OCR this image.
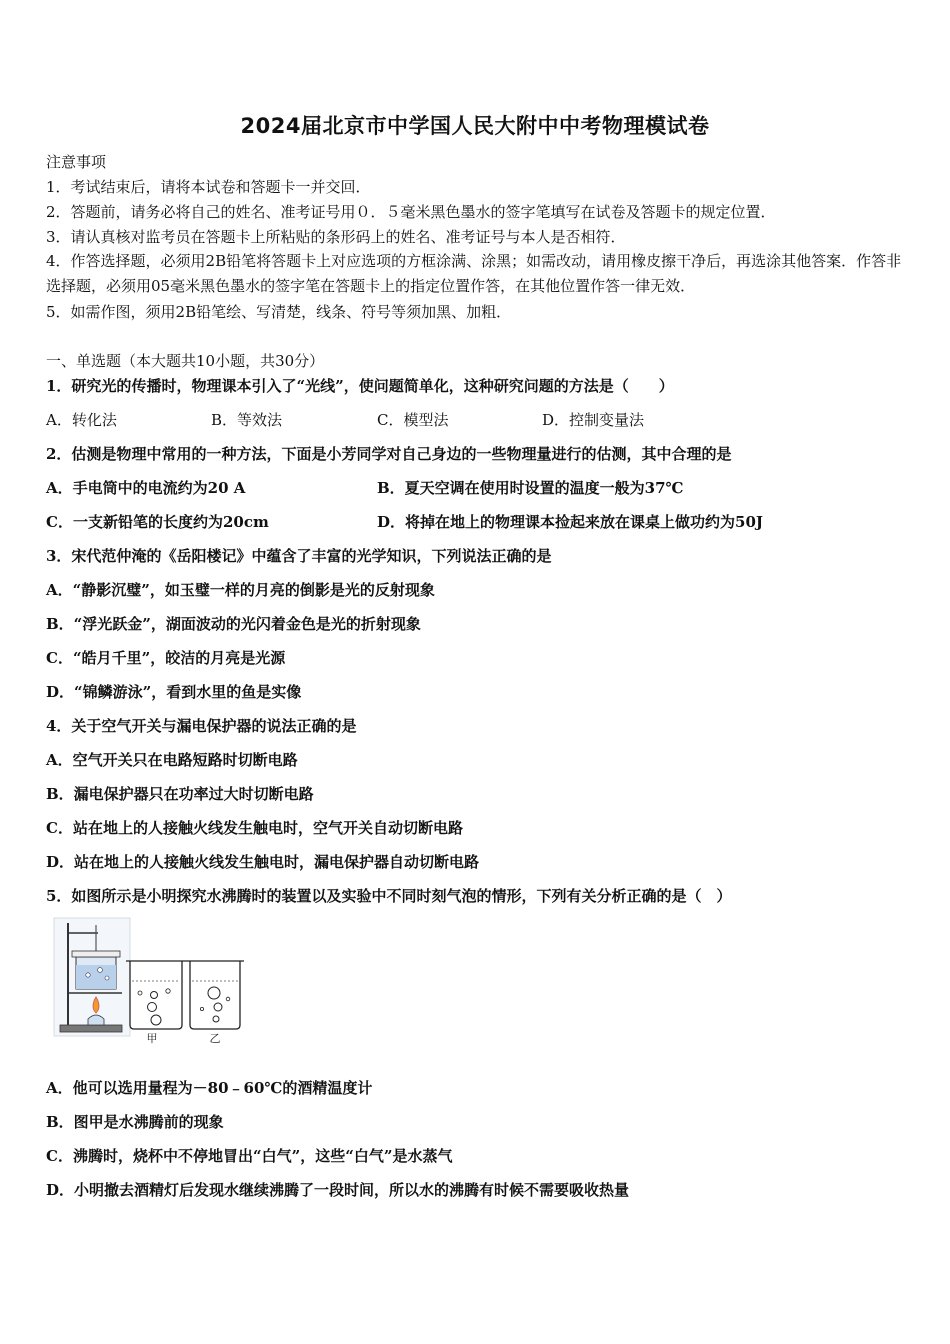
2024届北京市中学国人民大附中中考物理模试卷
注意事项
1．考试结束后，请将本试卷和答题卡一并交回．
2．答题前，请务必将自己的姓名、准考证号用０．５毫米黑色墨水的签字笔填写在试卷及答题卡的规定位置．
3．请认真核对监考员在答题卡上所粘贴的条形码上的姓名、准考证号与本人是否相符．
4．作答选择题，必须用2B铅笔将答题卡上对应选项的方框涂满、涂黑；如需改动，请用橡皮擦干净后，再选涂其他答案．作答非选择题，必须用05毫米黑色墨水的签字笔在答题卡上的指定位置作答，在其他位置作答一律无效．
5．如需作图，须用2B铅笔绘、写清楚，线条、符号等须加黑、加粗．
一、单选题（本大题共10小题，共30分）
1．研究光的传播时，物理课本引入了“光线”，使问题简单化，这种研究问题的方法是（　　）
A．转化法	B．等效法	C．模型法	D．控制变量法
2．估测是物理中常用的一种方法，下面是小芳同学对自己身边的一些物理量进行的估测，其中合理的是
A．手电筒中的电流约为20 A	B．夏天空调在使用时设置的温度一般为37℃
C．一支新铅笔的长度约为20cm	D．将掉在地上的物理课本捡起来放在课桌上做功约为50J
3．宋代范仲淹的《岳阳楼记》中蕴含了丰富的光学知识，下列说法正确的是
A．“静影沉璧”，如玉璧一样的月亮的倒影是光的反射现象
B．“浮光跃金”，湖面波动的光闪着金色是光的折射现象
C．“皓月千里”，皎洁的月亮是光源
D．“锦鳞游泳”，看到水里的鱼是实像
4．关于空气开关与漏电保护器的说法正确的是
A．空气开关只在电路短路时切断电路
B．漏电保护器只在功率过大时切断电路
C．站在地上的人接触火线发生触电时，空气开关自动切断电路
D．站在地上的人接触火线发生触电时，漏电保护器自动切断电路
5．如图所示是小明探究水沸腾时的装置以及实验中不同时刻气泡的情形，下列有关分析正确的是（　）
甲	乙
A．他可以选用量程为－80﹣60℃的酒精温度计
B．图甲是水沸腾前的现象
C．沸腾时，烧杯中不停地冒出“白气”，这些“白气”是水蒸气
D．小明撤去酒精灯后发现水继续沸腾了一段时间，所以水的沸腾有时候不需要吸收热量
